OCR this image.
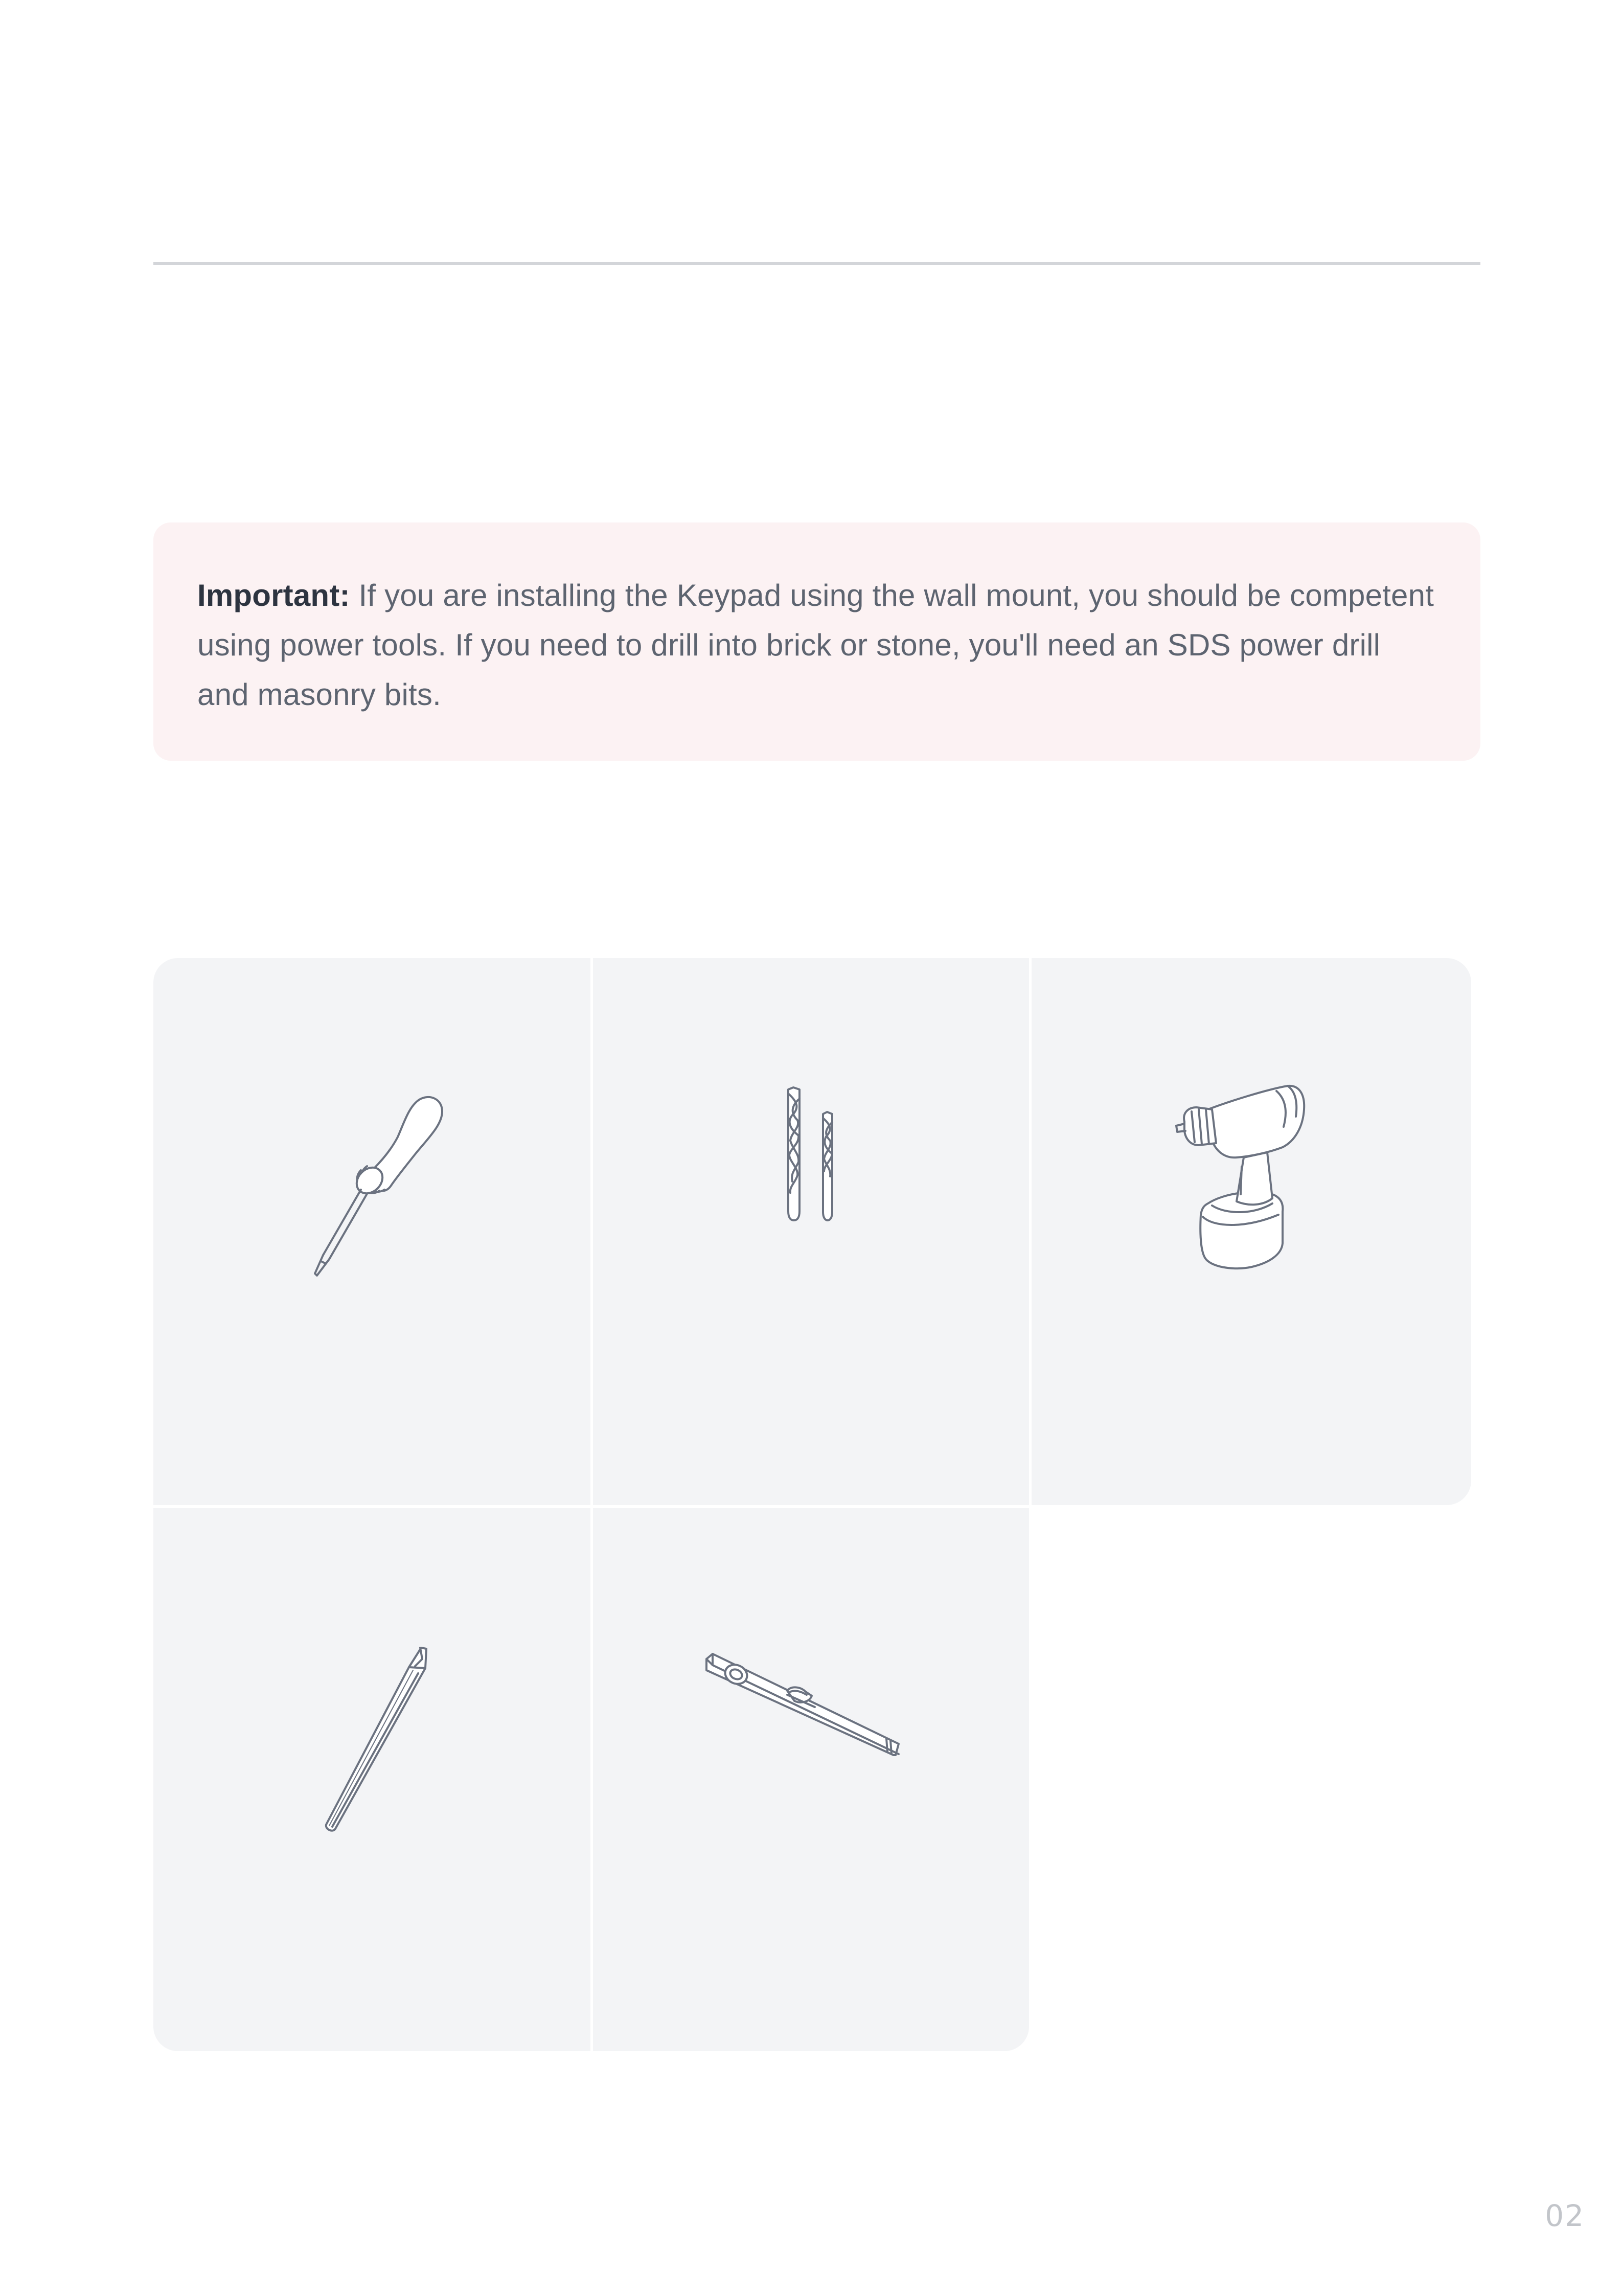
Important: If you are installing the Keypad using the wall mount, you should be competent using power tools. If you need to drill into brick or stone, you'll need an SDS power drill and masonry bits.

02
